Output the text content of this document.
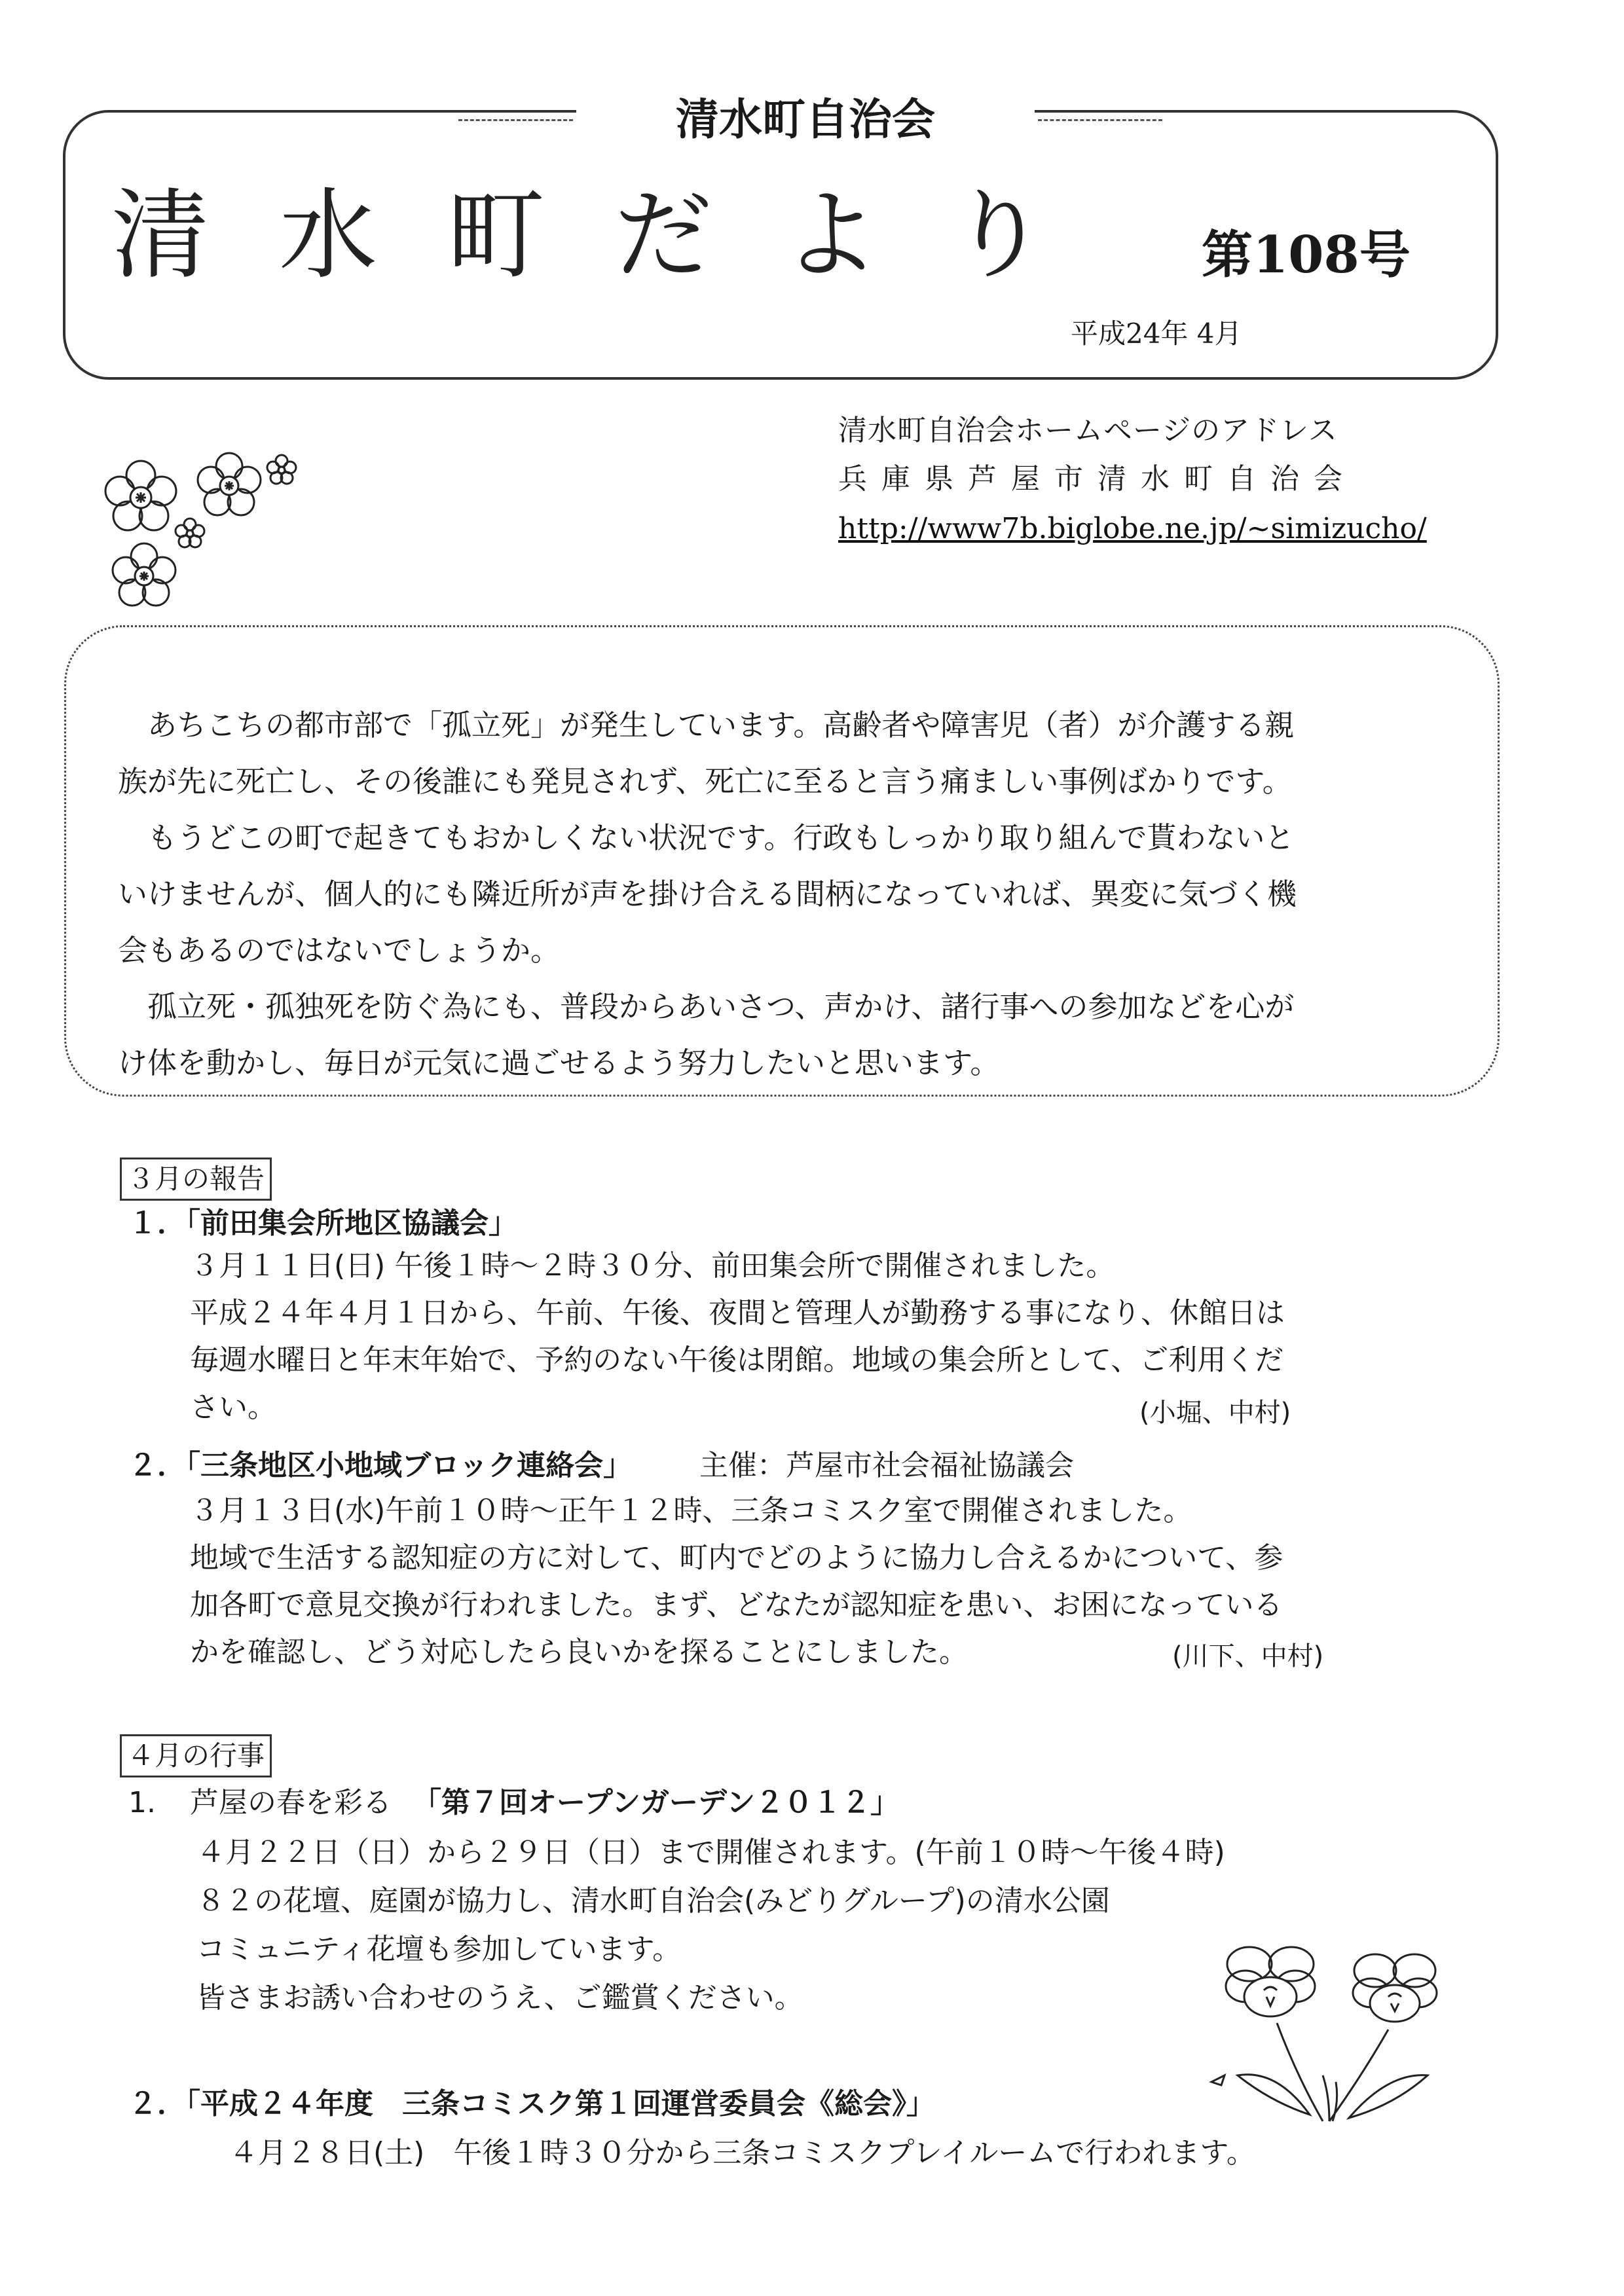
清水町自治会
清水町だより	第108号
平成24年 4月
清水町自治会ホームページのアドレス
兵庫県芦屋市清水町自治会
http://www7b.biglobe.ne.jp/~simizucho/

　あちこちの都市部で「孤立死」が発生しています。高齢者や障害児（者）が介護する親

族が先に死亡し、その後誰にも発見されず、死亡に至ると言う痛ましい事例ばかりです。

　もうどこの町で起きてもおかしくない状況です。行政もしっかり取り組んで貰わないと

いけませんが、個人的にも隣近所が声を掛け合える間柄になっていれば、異変に気づく機

会もあるのではないでしょうか。

　孤立死・孤独死を防ぐ為にも、普段からあいさつ、声かけ、諸行事への参加などを心が

け体を動かし、毎日が元気に過ごせるよう努力したいと思います。

３月の報告
１．「前田集会所地区協議会」
３月１１日(日) 午後１時～２時３０分、前田集会所で開催されました。
平成２４年４月１日から、午前、午後、夜間と管理人が勤務する事になり、休館日は
毎週水曜日と年末年始で、予約のない午後は閉館。地域の集会所として、ご利用くだ
さい。	(小堀、中村)
２．「三条地区小地域ブロック連絡会」 主催：芦屋市社会福祉協議会
３月１３日(水)午前１０時～正午１２時、三条コミスク室で開催されました。
地域で生活する認知症の方に対して、町内でどのように協力し合えるかについて、参
加各町で意見交換が行われました。まず、どなたが認知症を患い、お困になっている
かを確認し、どう対応したら良いかを探ることにしました。	(川下、中村)
４月の行事
1. 芦屋の春を彩る 「第７回オープンガーデン２０１２」
４月２２日（日）から２９日（日）まで開催されます。(午前１０時～午後４時)
８２の花壇、庭園が協力し、清水町自治会(みどりグループ)の清水公園
コミュニティ花壇も参加しています。
皆さまお誘い合わせのうえ、ご鑑賞ください。
２．「平成２４年度　三条コミスク第１回運営委員会《総会》」
４月２８日(土)　午後１時３０分から三条コミスクプレイルームで行われます。
